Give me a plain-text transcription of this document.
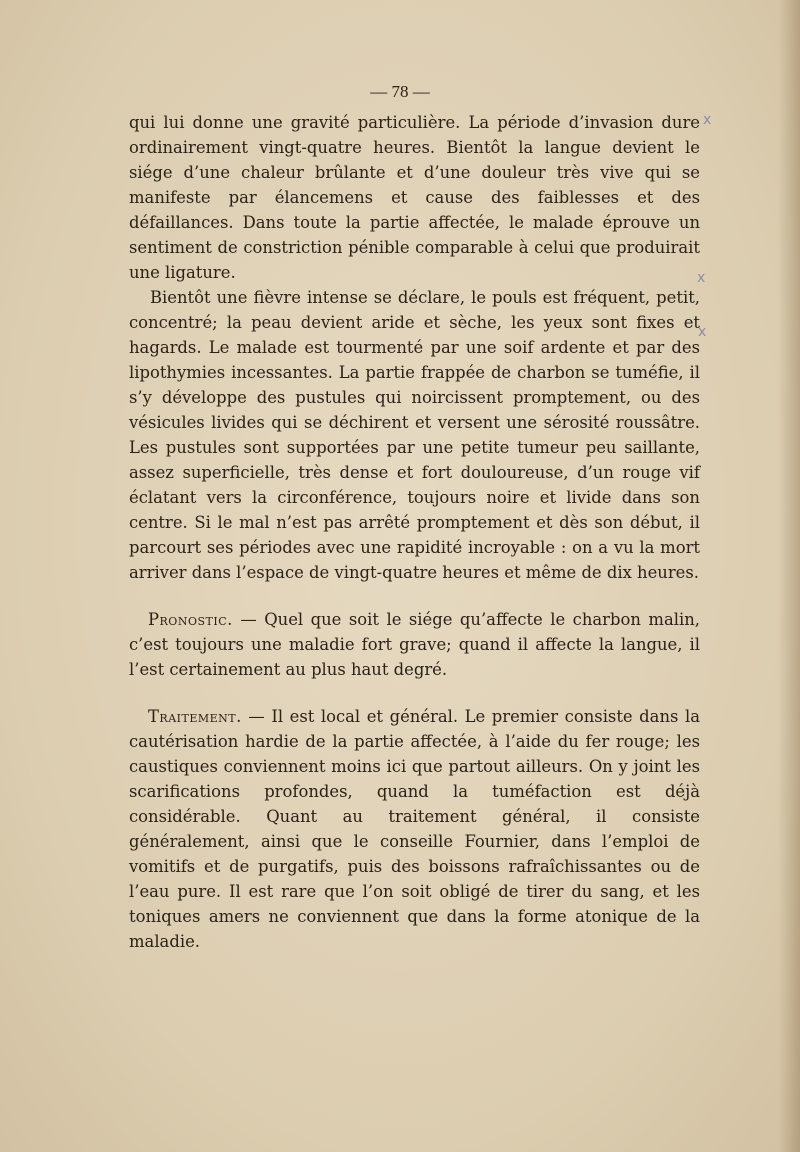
— 78 —

qui lui donne une gravité particulière. La période d’invasion dure ordinairement vingt-quatre heures. Bientôt la langue devient le siége d’une chaleur brûlante et d’une douleur très vive qui se manifeste par élancemens et cause des faiblesses et des défaillances. Dans toute la partie affectée, le malade éprouve un sentiment de constriction pénible comparable à celui que produirait une ligature.

Bientôt une fièvre intense se déclare, le pouls est fréquent, petit, concentré; la peau devient aride et sèche, les yeux sont fixes et hagards. Le malade est tourmenté par une soif ardente et par des lipothymies incessantes. La partie frappée de charbon se tuméfie, il s’y développe des pustules qui noircissent promptement, ou des vésicules livides qui se déchirent et versent une sérosité roussâtre. Les pustules sont supportées par une petite tumeur peu saillante, assez superficielle, très dense et fort douloureuse, d’un rouge vif éclatant vers la circonférence, toujours noire et livide dans son centre. Si le mal n’est pas arrêté promptement et dès son début, il parcourt ses périodes avec une rapidité incroyable : on a vu la mort arriver dans l’espace de vingt-quatre heures et même de dix heures.

Pronostic. — Quel que soit le siége qu’affecte le charbon malin, c’est toujours une maladie fort grave; quand il affecte la langue, il l’est certainement au plus haut degré.

Traitement. — Il est local et général. Le premier consiste dans la cautérisation hardie de la partie affectée, à l’aide du fer rouge; les caustiques conviennent moins ici que partout ailleurs. On y joint les scarifications profondes, quand la tuméfaction est déjà considérable. Quant au traitement général, il consiste généralement, ainsi que le conseille Fournier, dans l’emploi de vomitifs et de purgatifs, puis des boissons rafraîchissantes ou de l’eau pure. Il est rare que l’on soit obligé de tirer du sang, et les toniques amers ne conviennent que dans la forme atonique de la maladie.

x
x
x
